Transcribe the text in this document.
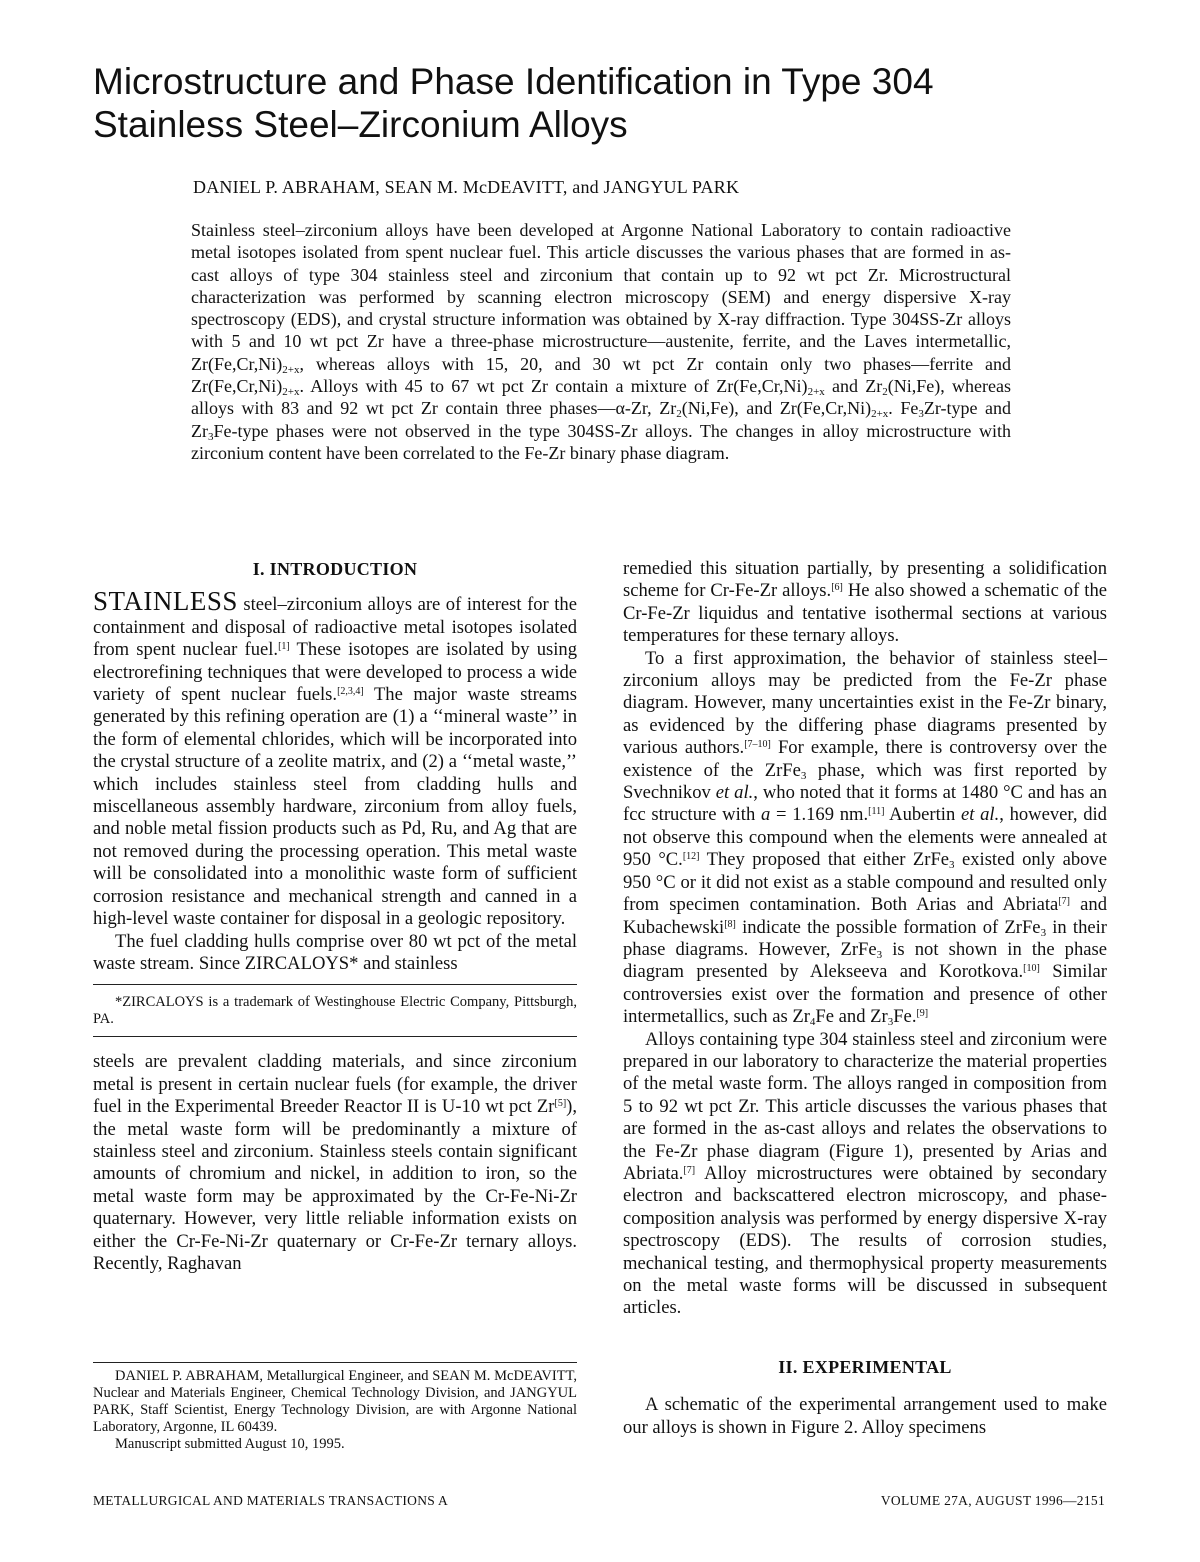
Microstructure and Phase Identification in Type 304
Stainless Steel–Zirconium Alloys
DANIEL P. ABRAHAM, SEAN M. McDEAVITT, and JANGYUL PARK

Stainless steel–zirconium alloys have been developed at Argonne National Laboratory to contain radioactive metal isotopes isolated from spent nuclear fuel. This article discusses the various phases that are formed in as-cast alloys of type 304 stainless steel and zirconium that contain up to 92 wt pct Zr. Microstructural characterization was performed by scanning electron microscopy (SEM) and energy dispersive X-ray spectroscopy (EDS), and crystal structure information was obtained by X-ray diffraction. Type 304SS-Zr alloys with 5 and 10 wt pct Zr have a three-phase microstructure—austenite, ferrite, and the Laves intermetallic, $Zr(Fe,Cr,Ni)_{2+x}$, whereas alloys with 15, 20, and 30 wt pct Zr contain only two phases—ferrite and $Zr(Fe,Cr,Ni)_{2+x}$. Alloys with 45 to 67 wt pct Zr contain a mixture of $Zr(Fe,Cr,Ni)_{2+x}$ and $Zr_2(Ni,Fe)$, whereas alloys with 83 and 92 wt pct Zr contain three phases—α-Zr, $Zr_2(Ni,Fe)$, and $Zr(Fe,Cr,Ni)_{2+x}$. $Fe_3Zr$-type and $Zr_3Fe$-type phases were not observed in the type 304SS-Zr alloys. The changes in alloy microstructure with zirconium content have been correlated to the Fe-Zr binary phase diagram.

I. INTRODUCTION

STAINLESS steel–zirconium alloys are of interest for the containment and disposal of radioactive metal isotopes isolated from spent nuclear fuel.[1] These isotopes are isolated by using electrorefining techniques that were developed to process a wide variety of spent nuclear fuels.[2,3,4] The major waste streams generated by this refining operation are (1) a ‘‘mineral waste’’ in the form of elemental chlorides, which will be incorporated into the crystal structure of a zeolite matrix, and (2) a ‘‘metal waste,’’ which includes stainless steel from cladding hulls and miscellaneous assembly hardware, zirconium from alloy fuels, and noble metal fission products such as Pd, Ru, and Ag that are not removed during the processing operation. This metal waste will be consolidated into a monolithic waste form of sufficient corrosion resistance and mechanical strength and canned in a high-level waste container for disposal in a geologic repository.

The fuel cladding hulls comprise over 80 wt pct of the metal waste stream. Since ZIRCALOYS* and stainless

*ZIRCALOYS is a trademark of Westinghouse Electric Company, Pittsburgh, PA.

steels are prevalent cladding materials, and since zirconium metal is present in certain nuclear fuels (for example, the driver fuel in the Experimental Breeder Reactor II is U-10 wt pct Zr[5]), the metal waste form will be predominantly a mixture of stainless steel and zirconium. Stainless steels contain significant amounts of chromium and nickel, in addition to iron, so the metal waste form may be approximated by the Cr-Fe-Ni-Zr quaternary. However, very little reliable information exists on either the Cr-Fe-Ni-Zr quaternary or Cr-Fe-Zr ternary alloys. Recently, Raghavan

DANIEL P. ABRAHAM, Metallurgical Engineer, and SEAN M. McDEAVITT, Nuclear and Materials Engineer, Chemical Technology Division, and JANGYUL PARK, Staff Scientist, Energy Technology Division, are with Argonne National Laboratory, Argonne, IL 60439.
Manuscript submitted August 10, 1995.

remedied this situation partially, by presenting a solidification scheme for Cr-Fe-Zr alloys.[6] He also showed a schematic of the Cr-Fe-Zr liquidus and tentative isothermal sections at various temperatures for these ternary alloys.

To a first approximation, the behavior of stainless steel–zirconium alloys may be predicted from the Fe-Zr phase diagram. However, many uncertainties exist in the Fe-Zr binary, as evidenced by the differing phase diagrams presented by various authors.[7–10] For example, there is controversy over the existence of the ZrFe$_3$ phase, which was first reported by Svechnikov et al., who noted that it forms at 1480 °C and has an fcc structure with a = 1.169 nm.[11] Aubertin et al., however, did not observe this compound when the elements were annealed at 950 °C.[12] They proposed that either ZrFe$_3$ existed only above 950 °C or it did not exist as a stable compound and resulted only from specimen contamination. Both Arias and Abriata[7] and Kubachewski[8] indicate the possible formation of ZrFe$_3$ in their phase diagrams. However, ZrFe$_3$ is not shown in the phase diagram presented by Alekseeva and Korotkova.[10] Similar controversies exist over the formation and presence of other intermetallics, such as $Zr_4Fe$ and $Zr_3Fe.[9]$

Alloys containing type 304 stainless steel and zirconium were prepared in our laboratory to characterize the material properties of the metal waste form. The alloys ranged in composition from 5 to 92 wt pct Zr. This article discusses the various phases that are formed in the as-cast alloys and relates the observations to the Fe-Zr phase diagram (Figure 1), presented by Arias and Abriata.[7] Alloy microstructures were obtained by secondary electron and backscattered electron microscopy, and phase-composition analysis was performed by energy dispersive X-ray spectroscopy (EDS). The results of corrosion studies, mechanical testing, and thermophysical property measurements on the metal waste forms will be discussed in subsequent articles.

II. EXPERIMENTAL

A schematic of the experimental arrangement used to make our alloys is shown in Figure 2. Alloy specimens

METALLURGICAL AND MATERIALS TRANSACTIONS A	VOLUME 27A, AUGUST 1996—2151
